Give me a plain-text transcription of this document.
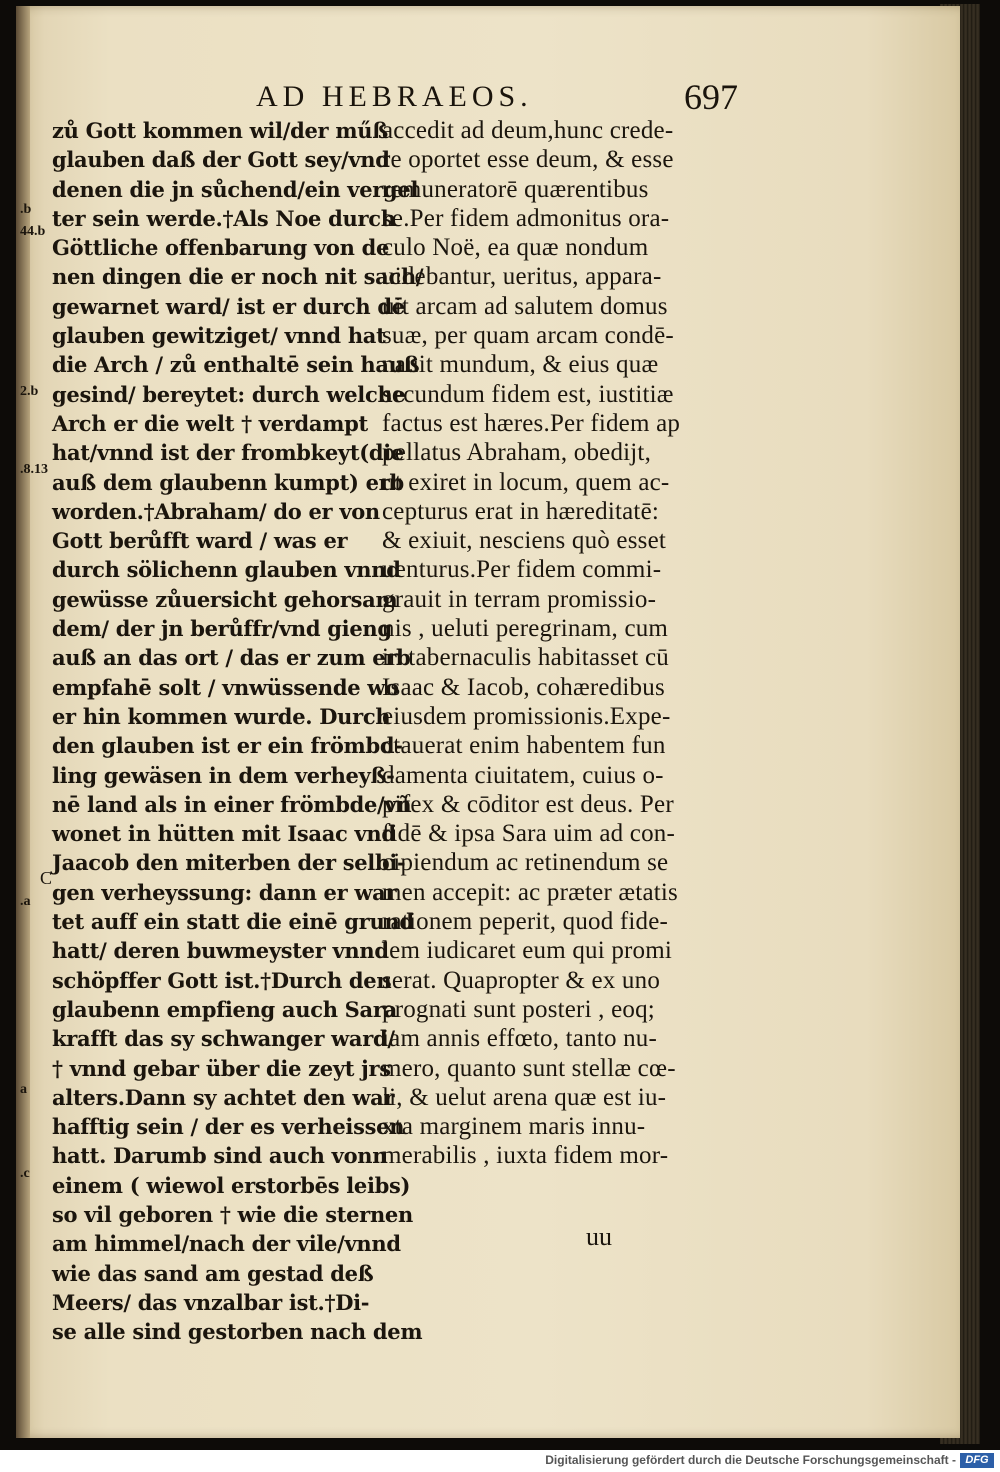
AD HEBRAEOS.	697
.b
44.b
2.b
.8.13
.a
a
.c
C
zů Gott kommen wil/der műß
glauben daß der Gott sey/vnd
denen die jn sůchend/ein vergel
ter sein werde.†Als Noe durch
Göttliche offenbarung von de
nen dingen die er noch nit sach/
gewarnet ward/ ist er durch dē
glauben gewitziget/ vnnd hat
die Arch / zů enthaltē sein hauß
gesind/ bereytet: durch welche
Arch er die welt † verdampt
hat/vnnd ist der frombkeyt(die
auß dem glaubenn kumpt) erb
worden.†Abraham/ do er von
Gott berůfft ward / was er
durch sölichenn glauben vnnd
gewüsse zůuersicht gehorsam
dem/ der jn berůffr/vnd gieng
auß an das ort / das er zum erb
empfahē solt / vnwüssende wo
er hin kommen wurde. Durch
den glauben ist er ein frömbd-
ling gewäsen in dem verheyß-
nē land als in einer frömbde/vñ
wonet in hütten mit Isaac vnd
Jaacob den miterben der selbi-
gen verheyssung: dann er war
tet auff ein statt die einē grund
hatt/ deren buwmeyster vnnd
schöpffer Gott ist.†Durch den
glaubenn empfieng auch Sara
krafft das sy schwanger ward/
† vnnd gebar über die zeyt jrs
alters.Dann sy achtet den war
hafftig sein / der es verheissen
hatt. Darumb sind auch vonn
einem ( wiewol erstorbēs leibs)
so vil geboren † wie die sternen
am himmel/nach der vile/vnnd
wie das sand am gestad deß
Meers/ das vnzalbar ist.†Di-
se alle sind gestorben nach dem
accedit ad deum,hunc crede-
re oportet esse deum, & esse
remuneratorē quærentibus
se.Per fidem admonitus ora-
culo Noë, ea quæ nondum
uidebantur, ueritus, appara-
uit arcam ad salutem domus
suæ, per quam arcam condē-
nauit mundum, & eius quæ
secundum fidem est, iustitiæ
factus est hæres.Per fidem ap
pellatus Abraham, obedijt,
ut exiret in locum, quem ac-
cepturus erat in hæreditatē:
& exiuit, nesciens quò esset
uenturus.Per fidem commi-
grauit in terram promissio-
nis , ueluti peregrinam, cum
in tabernaculis habitasset cū
Isaac & Iacob, cohæredibus
eiusdem promissionis.Expe-
ctauerat enim habentem fun
damenta ciuitatem, cuius o-
pifex & cōditor est deus. Per
fidē & ipsa Sara uim ad con-
cipiendum ac retinendum se
men accepit: ac præter ætatis
rationem peperit, quod fide-
lem iudicaret eum qui promi
serat. Quapropter & ex uno
prognati sunt posteri , eoq;
iam annis effœto, tanto nu-
mero, quanto sunt stellæ cœ-
li, & uelut arena quæ est iu-
xta marginem maris innu-
merabilis , iuxta fidem mor-
uu
Digitalisierung gefördert durch die Deutsche Forschungsgemeinschaft - DFG
